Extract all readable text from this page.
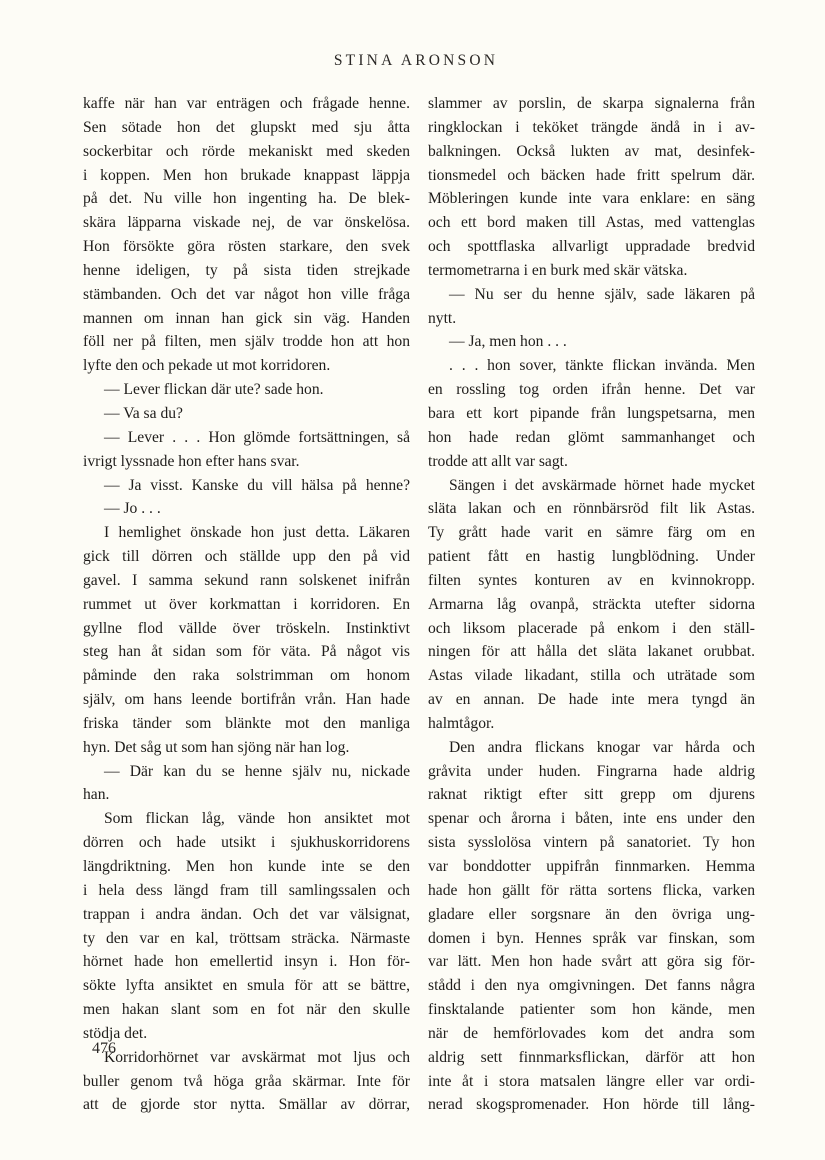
STINA ARONSON
kaffe när han var enträgen och frågade henne.
Sen sötade hon det glupskt med sju åtta
sockerbitar och rörde mekaniskt med skeden
i koppen. Men hon brukade knappast läppja
på det. Nu ville hon ingenting ha. De blek-
skära läpparna viskade nej, de var önskelösa.
Hon försökte göra rösten starkare, den svek
henne ideligen, ty på sista tiden strejkade
stämbanden. Och det var något hon ville fråga
mannen om innan han gick sin väg. Handen
föll ner på filten, men själv trodde hon att hon
lyfte den och pekade ut mot korridoren.
— Lever flickan där ute? sade hon.
— Va sa du?
— Lever . . . Hon glömde fortsättningen, så
ivrigt lyssnade hon efter hans svar.
— Ja visst. Kanske du vill hälsa på henne?
— Jo . . .
I hemlighet önskade hon just detta. Läkaren
gick till dörren och ställde upp den på vid
gavel. I samma sekund rann solskenet inifrån
rummet ut över korkmattan i korridoren. En
gyllne flod vällde över tröskeln. Instinktivt
steg han åt sidan som för väta. På något vis
påminde den raka solstrimman om honom
själv, om hans leende bortifrån vrån. Han hade
friska tänder som blänkte mot den manliga
hyn. Det såg ut som han sjöng när han log.
— Där kan du se henne själv nu, nickade
han.
Som flickan låg, vände hon ansiktet mot
dörren och hade utsikt i sjukhuskorridorens
längdriktning. Men hon kunde inte se den
i hela dess längd fram till samlingssalen och
trappan i andra ändan. Och det var välsignat,
ty den var en kal, tröttsam sträcka. Närmaste
hörnet hade hon emellertid insyn i. Hon för-
sökte lyfta ansiktet en smula för att se bättre,
men hakan slant som en fot när den skulle
stödja det.
Korridorhörnet var avskärmat mot ljus och
buller genom två höga gråa skärmar. Inte för
att de gjorde stor nytta. Smällar av dörrar,
slammer av porslin, de skarpa signalerna från
ringklockan i teköket trängde ändå in i av-
balkningen. Också lukten av mat, desinfek-
tionsmedel och bäcken hade fritt spelrum där.
Möbleringen kunde inte vara enklare: en säng
och ett bord maken till Astas, med vattenglas
och spottflaska allvarligt uppradade bredvid
termometrarna i en burk med skär vätska.
— Nu ser du henne själv, sade läkaren på
nytt.
— Ja, men hon . . .
. . . hon sover, tänkte flickan invända. Men
en rossling tog orden ifrån henne. Det var
bara ett kort pipande från lungspetsarna, men
hon hade redan glömt sammanhanget och
trodde att allt var sagt.
Sängen i det avskärmade hörnet hade mycket
släta lakan och en rönnbärsröd filt lik Astas.
Ty grått hade varit en sämre färg om en
patient fått en hastig lungblödning. Under
filten syntes konturen av en kvinnokropp.
Armarna låg ovanpå, sträckta utefter sidorna
och liksom placerade på enkom i den ställ-
ningen för att hålla det släta lakanet orubbat.
Astas vilade likadant, stilla och uträtade som
av en annan. De hade inte mera tyngd än
halmtågor.
Den andra flickans knogar var hårda och
gråvita under huden. Fingrarna hade aldrig
raknat riktigt efter sitt grepp om djurens
spenar och årorna i båten, inte ens under den
sista sysslolösa vintern på sanatoriet. Ty hon
var bonddotter uppifrån finnmarken. Hemma
hade hon gällt för rätta sortens flicka, varken
gladare eller sorgsnare än den övriga ung-
domen i byn. Hennes språk var finskan, som
var lätt. Men hon hade svårt att göra sig för-
stådd i den nya omgivningen. Det fanns några
finsktalande patienter som hon kände, men
när de hemförlovades kom det andra som
aldrig sett finnmarksflickan, därför att hon
inte åt i stora matsalen längre eller var ordi-
nerad skogspromenader. Hon hörde till lång-
476
